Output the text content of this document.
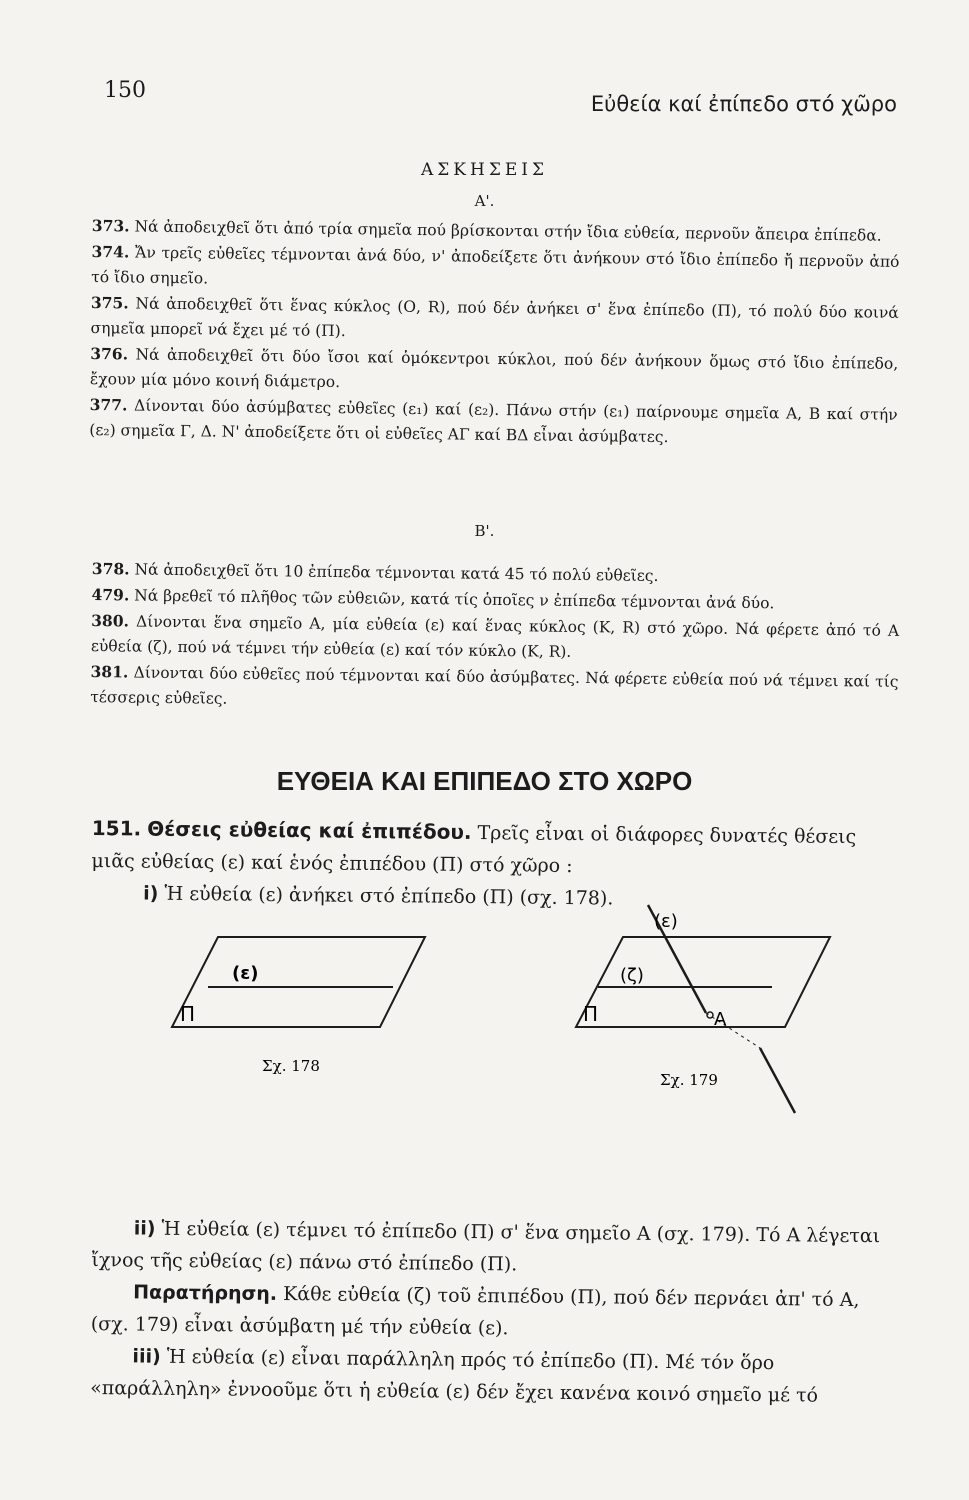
150
Εὐθεία καί ἐπίπεδο στό χῶρο
ΑΣΚΗΣΕΙΣ
Α'.

373. Νά ἀποδειχθεῖ ὅτι ἀπό τρία σημεῖα πού βρίσκονται στήν ἴδια εὐθεία, περνοῦν ἄπειρα ἐπίπεδα.

374. Ἄν τρεῖς εὐθεῖες τέμνονται ἀνά δύο, ν' ἀποδείξετε ὅτι ἀνήκουν στό ἴδιο ἐπίπεδο ἤ περνοῦν ἀπό τό ἴδιο σημεῖο.

375. Νά ἀποδειχθεῖ ὅτι ἕνας κύκλος (Ο, R), πού δέν ἀνήκει σ' ἕνα ἐπίπεδο (Π), τό πολύ δύο κοινά σημεῖα μπορεῖ νά ἔχει μέ τό (Π).

376. Νά ἀποδειχθεῖ ὅτι δύο ἴσοι καί ὁμόκεντροι κύκλοι, πού δέν ἀνήκουν ὅμως στό ἴδιο ἐπίπεδο, ἔχουν μία μόνο κοινή διάμετρο.

377. Δίνονται δύο ἀσύμβατες εὐθεῖες (ε₁) καί (ε₂). Πάνω στήν (ε₁) παίρνουμε σημεῖα Α, Β καί στήν (ε₂) σημεῖα Γ, Δ. Ν' ἀποδείξετε ὅτι οἱ εὐθεῖες ΑΓ καί ΒΔ εἶναι ἀσύμβατες.

Β'.

378. Νά ἀποδειχθεῖ ὅτι 10 ἐπίπεδα τέμνονται κατά 45 τό πολύ εὐθεῖες.

479. Νά βρεθεῖ τό πλῆθος τῶν εὐθειῶν, κατά τίς ὁποῖες ν ἐπίπεδα τέμνονται ἀνά δύο.

380. Δίνονται ἕνα σημεῖο Α, μία εὐθεία (ε) καί ἕνας κύκλος (Κ, R) στό χῶρο. Νά φέρετε ἀπό τό Α εὐθεία (ζ), πού νά τέμνει τήν εὐθεία (ε) καί τόν κύκλο (Κ, R).

381. Δίνονται δύο εὐθεῖες πού τέμνονται καί δύο ἀσύμβατες. Νά φέρετε εὐθεία πού νά τέμνει καί τίς τέσσερις εὐθεῖες.

ΕΥΘΕΙΑ ΚΑΙ ΕΠΙΠΕΔΟ ΣΤΟ ΧΩΡΟ

151. Θέσεις εὐθείας καί ἐπιπέδου. Τρεῖς εἶναι οἱ διάφορες δυνατές θέσεις μιᾶς εὐθείας (ε) καί ἑνός ἐπιπέδου (Π) στό χῶρο :

i) Ἡ εὐθεία (ε) ἀνήκει στό ἐπίπεδο (Π) (σχ. 178).

(ε)
Π
Σχ. 178
Α
(ε)
(ζ)
Π
Σχ. 179

ii) Ἡ εὐθεία (ε) τέμνει τό ἐπίπεδο (Π) σ' ἕνα σημεῖο Α (σχ. 179). Τό Α λέγεται ἴχνος τῆς εὐθείας (ε) πάνω στό ἐπίπεδο (Π).

Παρατήρηση. Κάθε εὐθεία (ζ) τοῦ ἐπιπέδου (Π), πού δέν περνάει ἀπ' τό Α, (σχ. 179) εἶναι ἀσύμβατη μέ τήν εὐθεία (ε).

iii) Ἡ εὐθεία (ε) εἶναι παράλληλη πρός τό ἐπίπεδο (Π). Μέ τόν ὅρο «παράλληλη» ἐννοοῦμε ὅτι ἡ εὐθεία (ε) δέν ἔχει κανένα κοινό σημεῖο μέ τό
